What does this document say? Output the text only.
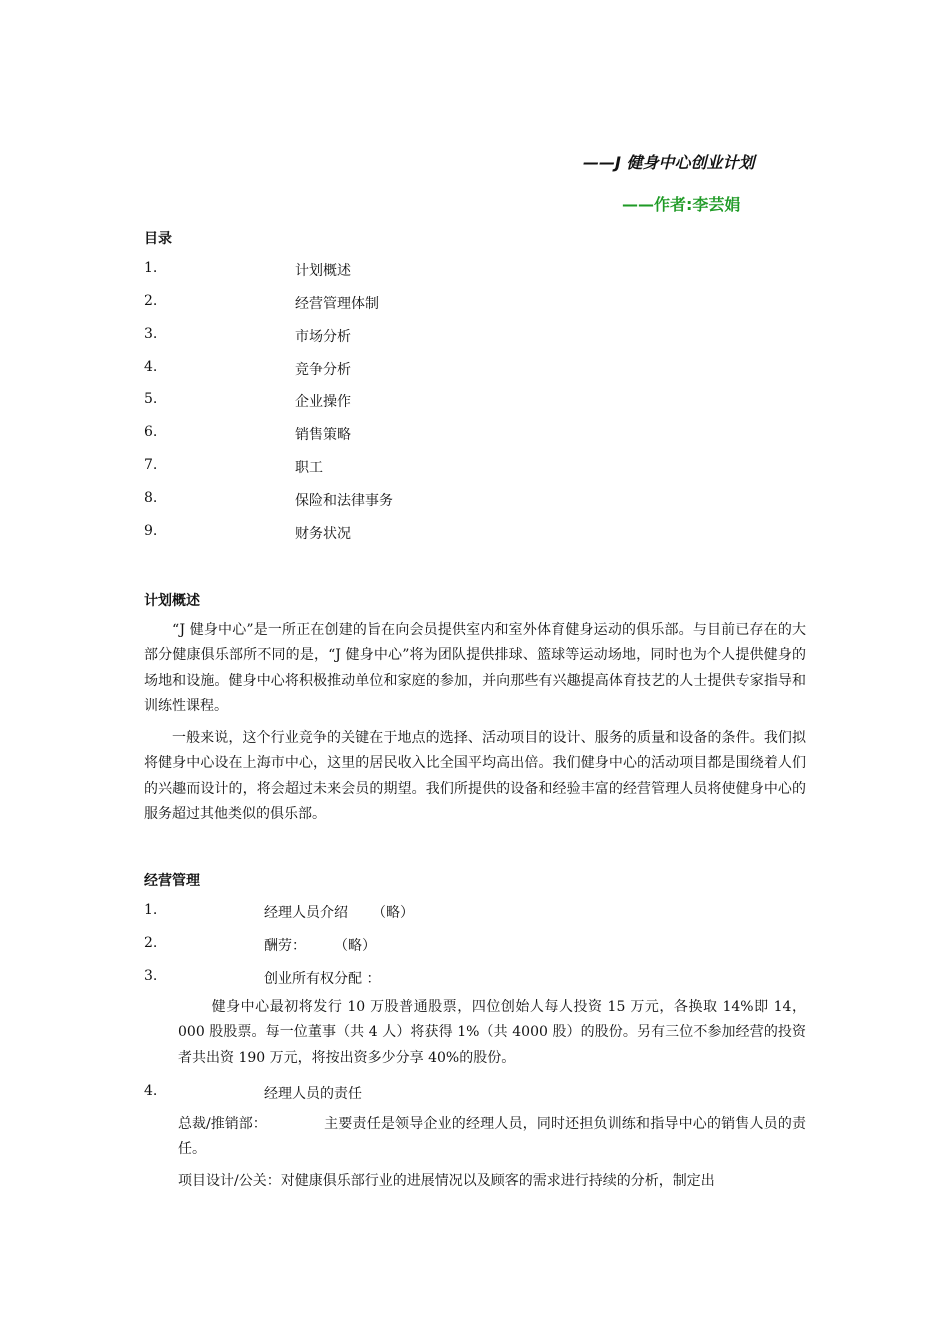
——J 健身中心创业计划
——作者:李芸娟
目录
1.	计划概述
2.	经营管理体制
3.	市场分析
4.	竞争分析
5.	企业操作
6.	销售策略
7.	职工
8.	保险和法律事务
9.	财务状况
计划概述

“J 健身中心”是一所正在创建的旨在向会员提供室内和室外体育健身运动的俱乐部。与目前已存在的大部分健康俱乐部所不同的是，“J 健身中心”将为团队提供排球、篮球等运动场地，同时也为个人提供健身的场地和设施。健身中心将积极推动单位和家庭的参加，并向那些有兴趣提高体育技艺的人士提供专家指导和训练性课程。

一般来说，这个行业竞争的关键在于地点的选择、活动项目的设计、服务的质量和设备的条件。我们拟将健身中心设在上海市中心，这里的居民收入比全国平均高出倍。我们健身中心的活动项目都是围绕着人们的兴趣而设计的，将会超过未来会员的期望。我们所提供的设备和经验丰富的经营管理人员将使健身中心的服务超过其他类似的俱乐部。

经营管理
1.	经理人员介绍 （略）
2.	酬劳： （略）
3.	创业所有权分配 ：

健身中心最初将发行 10 万股普通股票，四位创始人每人投资 15 万元，各换取 14%即 14，000 股股票。每一位董事（共 4 人）将获得 1%（共 4000 股）的股份。另有三位不参加经营的投资者共出资 190 万元，将按出资多少分享 40%的股份。

4.	经理人员的责任

总裁/推销部：	主要责任是领导企业的经理人员，同时还担负训练和指导中心的销售人员的责任。

项目设计/公关：对健康俱乐部行业的进展情况以及顾客的需求进行持续的分析，制定出
